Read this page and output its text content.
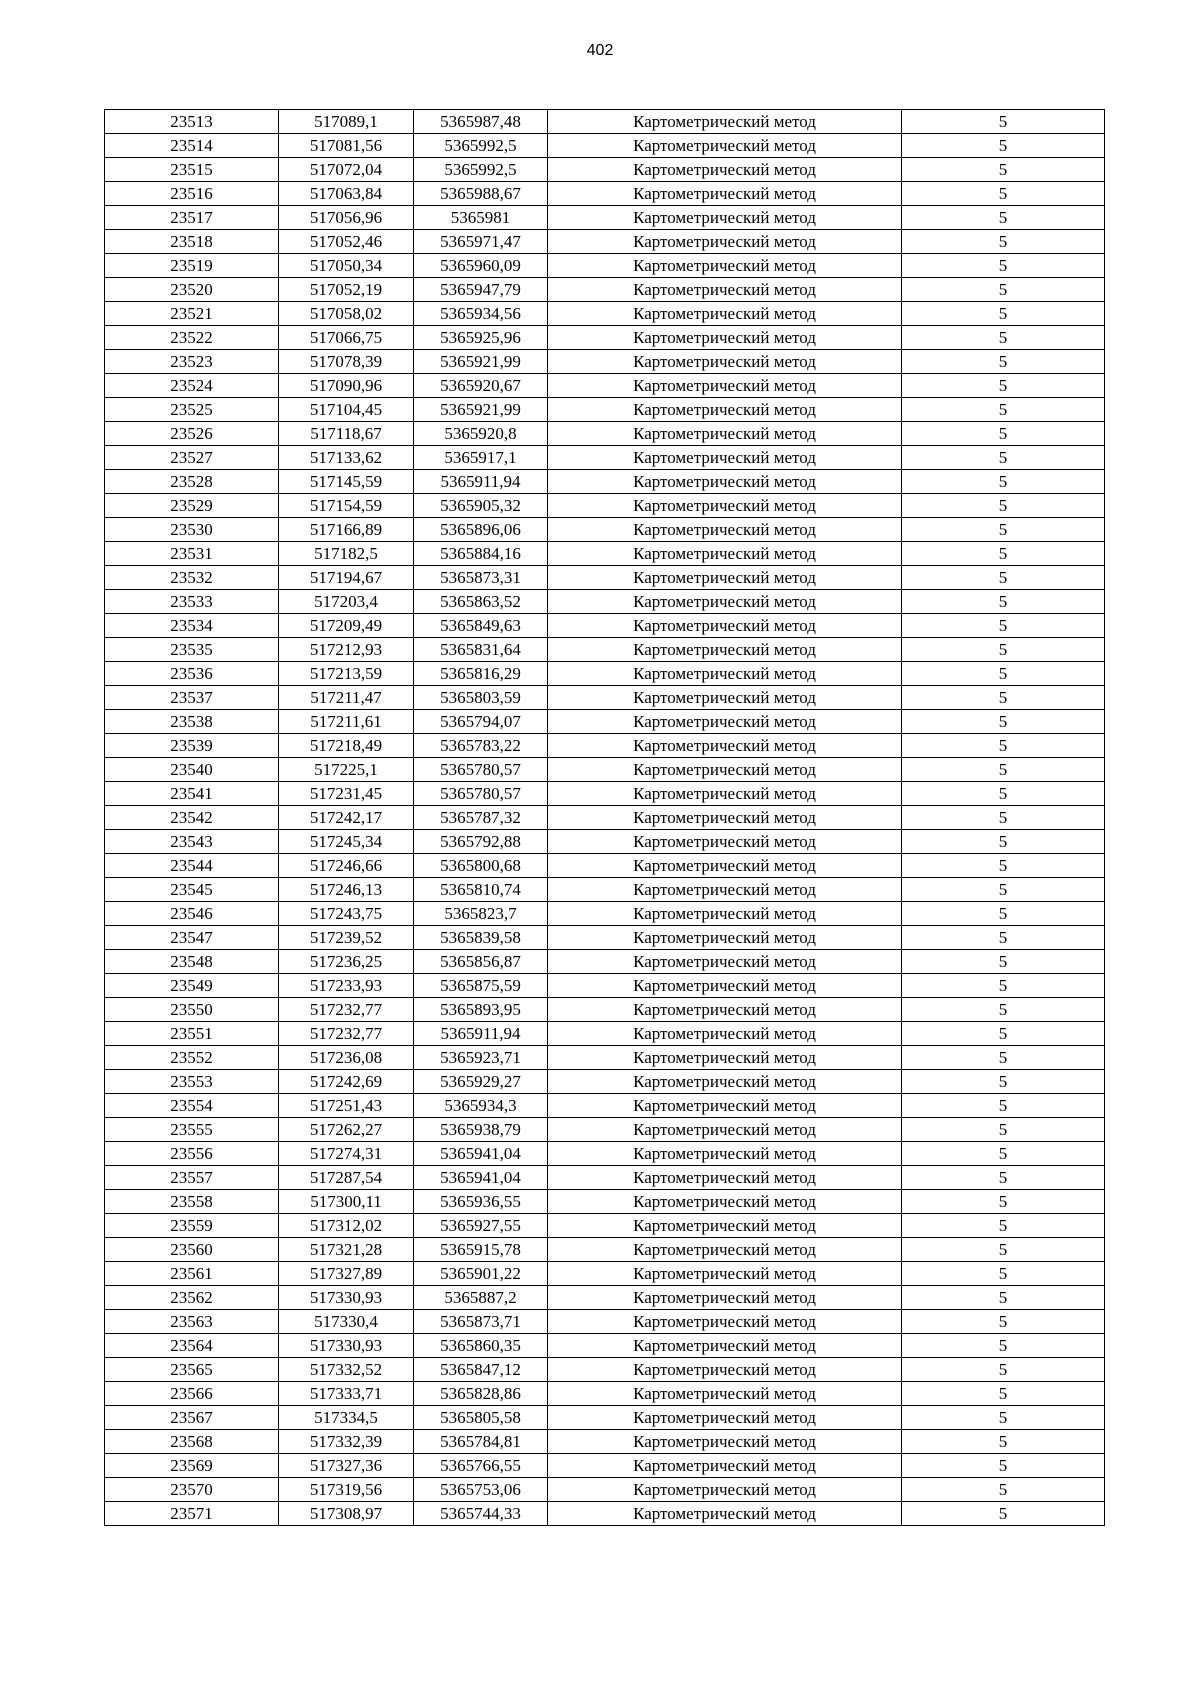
402
23513	517089,1	5365987,48	Картометрический метод	5
23514	517081,56	5365992,5	Картометрический метод	5
23515	517072,04	5365992,5	Картометрический метод	5
23516	517063,84	5365988,67	Картометрический метод	5
23517	517056,96	5365981	Картометрический метод	5
23518	517052,46	5365971,47	Картометрический метод	5
23519	517050,34	5365960,09	Картометрический метод	5
23520	517052,19	5365947,79	Картометрический метод	5
23521	517058,02	5365934,56	Картометрический метод	5
23522	517066,75	5365925,96	Картометрический метод	5
23523	517078,39	5365921,99	Картометрический метод	5
23524	517090,96	5365920,67	Картометрический метод	5
23525	517104,45	5365921,99	Картометрический метод	5
23526	517118,67	5365920,8	Картометрический метод	5
23527	517133,62	5365917,1	Картометрический метод	5
23528	517145,59	5365911,94	Картометрический метод	5
23529	517154,59	5365905,32	Картометрический метод	5
23530	517166,89	5365896,06	Картометрический метод	5
23531	517182,5	5365884,16	Картометрический метод	5
23532	517194,67	5365873,31	Картометрический метод	5
23533	517203,4	5365863,52	Картометрический метод	5
23534	517209,49	5365849,63	Картометрический метод	5
23535	517212,93	5365831,64	Картометрический метод	5
23536	517213,59	5365816,29	Картометрический метод	5
23537	517211,47	5365803,59	Картометрический метод	5
23538	517211,61	5365794,07	Картометрический метод	5
23539	517218,49	5365783,22	Картометрический метод	5
23540	517225,1	5365780,57	Картометрический метод	5
23541	517231,45	5365780,57	Картометрический метод	5
23542	517242,17	5365787,32	Картометрический метод	5
23543	517245,34	5365792,88	Картометрический метод	5
23544	517246,66	5365800,68	Картометрический метод	5
23545	517246,13	5365810,74	Картометрический метод	5
23546	517243,75	5365823,7	Картометрический метод	5
23547	517239,52	5365839,58	Картометрический метод	5
23548	517236,25	5365856,87	Картометрический метод	5
23549	517233,93	5365875,59	Картометрический метод	5
23550	517232,77	5365893,95	Картометрический метод	5
23551	517232,77	5365911,94	Картометрический метод	5
23552	517236,08	5365923,71	Картометрический метод	5
23553	517242,69	5365929,27	Картометрический метод	5
23554	517251,43	5365934,3	Картометрический метод	5
23555	517262,27	5365938,79	Картометрический метод	5
23556	517274,31	5365941,04	Картометрический метод	5
23557	517287,54	5365941,04	Картометрический метод	5
23558	517300,11	5365936,55	Картометрический метод	5
23559	517312,02	5365927,55	Картометрический метод	5
23560	517321,28	5365915,78	Картометрический метод	5
23561	517327,89	5365901,22	Картометрический метод	5
23562	517330,93	5365887,2	Картометрический метод	5
23563	517330,4	5365873,71	Картометрический метод	5
23564	517330,93	5365860,35	Картометрический метод	5
23565	517332,52	5365847,12	Картометрический метод	5
23566	517333,71	5365828,86	Картометрический метод	5
23567	517334,5	5365805,58	Картометрический метод	5
23568	517332,39	5365784,81	Картометрический метод	5
23569	517327,36	5365766,55	Картометрический метод	5
23570	517319,56	5365753,06	Картометрический метод	5
23571	517308,97	5365744,33	Картометрический метод	5
